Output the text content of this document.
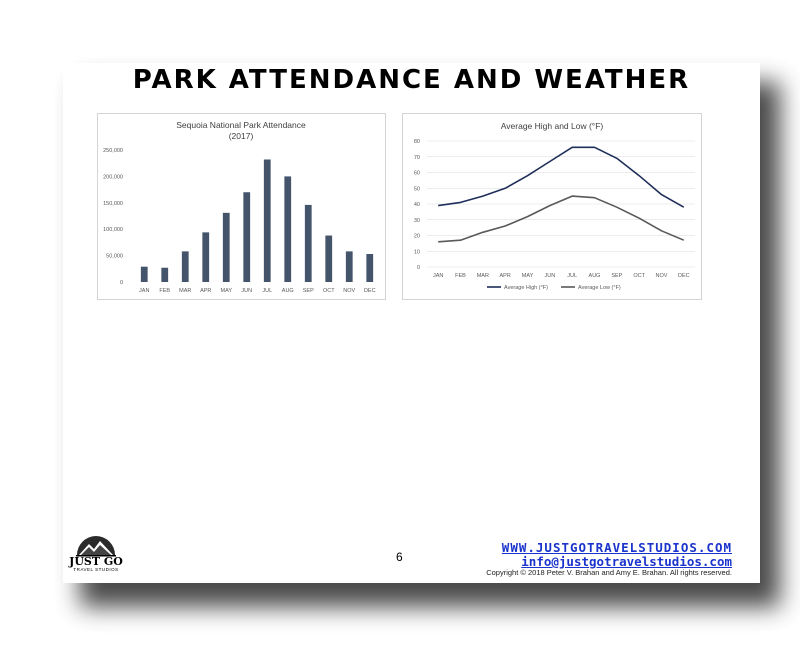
PARK ATTENDANCE AND WEATHER
Sequoia National Park Attendance
(2017)
0
50,000
100,000
150,000
200,000
250,000
JAN FEB MAR APR MAY JUN JUL AUG SEP OCT NOV DEC
Average High and Low (°F)
0
10
20
30
40
50
60
70
80
JAN FEB MAR APR MAY JUN JUL AUG SEP OCT NOV DEC
Average High (°F)	Average Low (°F)
JUST GO
TRAVEL STUDIOS
6
WWW.JUSTGOTRAVELSTUDIOS.COM
info@justgotravelstudios.com
Copyright © 2018 Peter V. Brahan and Amy E. Brahan. All rights reserved.
